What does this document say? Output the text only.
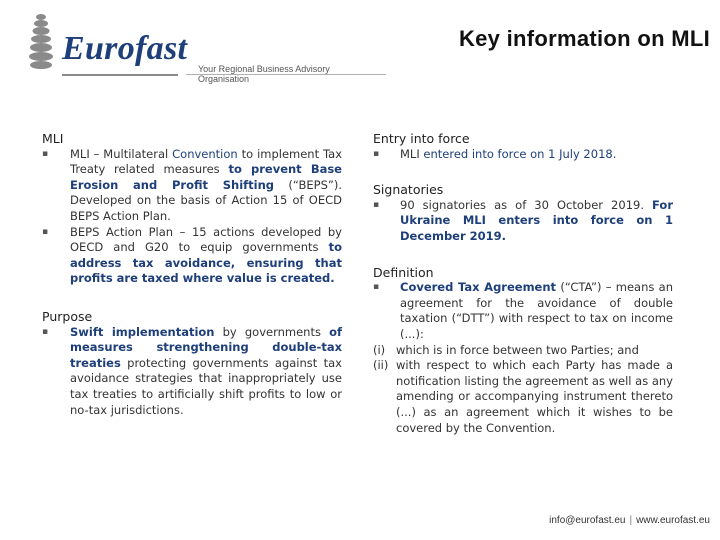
Eurofast
Your Regional Business Advisory Organisation
Key information on MLI

MLI

▪ MLI – Multilateral Convention to implement Tax Treaty related measures to prevent Base Erosion and Profit Shifting (“BEPS”). Developed on the basis of Action 15 of OECD BEPS Action Plan.
▪ BEPS Action Plan – 15 actions developed by OECD and G20 to equip governments to address tax avoidance, ensuring that profits are taxed where value is created.

Purpose

▪ Swift implementation by governments of measures strengthening double-tax treaties protecting governments against tax avoidance strategies that inappropriately use tax treaties to artificially shift profits to low or no-tax jurisdictions.

Entry into force

▪ MLI entered into force on 1 July 2018.

Signatories

▪ 90 signatories as of 30 October 2019. For Ukraine MLI enters into force on 1 December 2019.

Definition

▪ Covered Tax Agreement (“CTA”) – means an agreement for the avoidance of double taxation (“DTT”) with respect to tax on income (...):
(i) which is in force between two Parties; and
(ii) with respect to which each Party has made a notification listing the agreement as well as any amending or accompanying instrument thereto (...) as an agreement which it wishes to be covered by the Convention.
info@eurofast.eu | www.eurofast.eu
